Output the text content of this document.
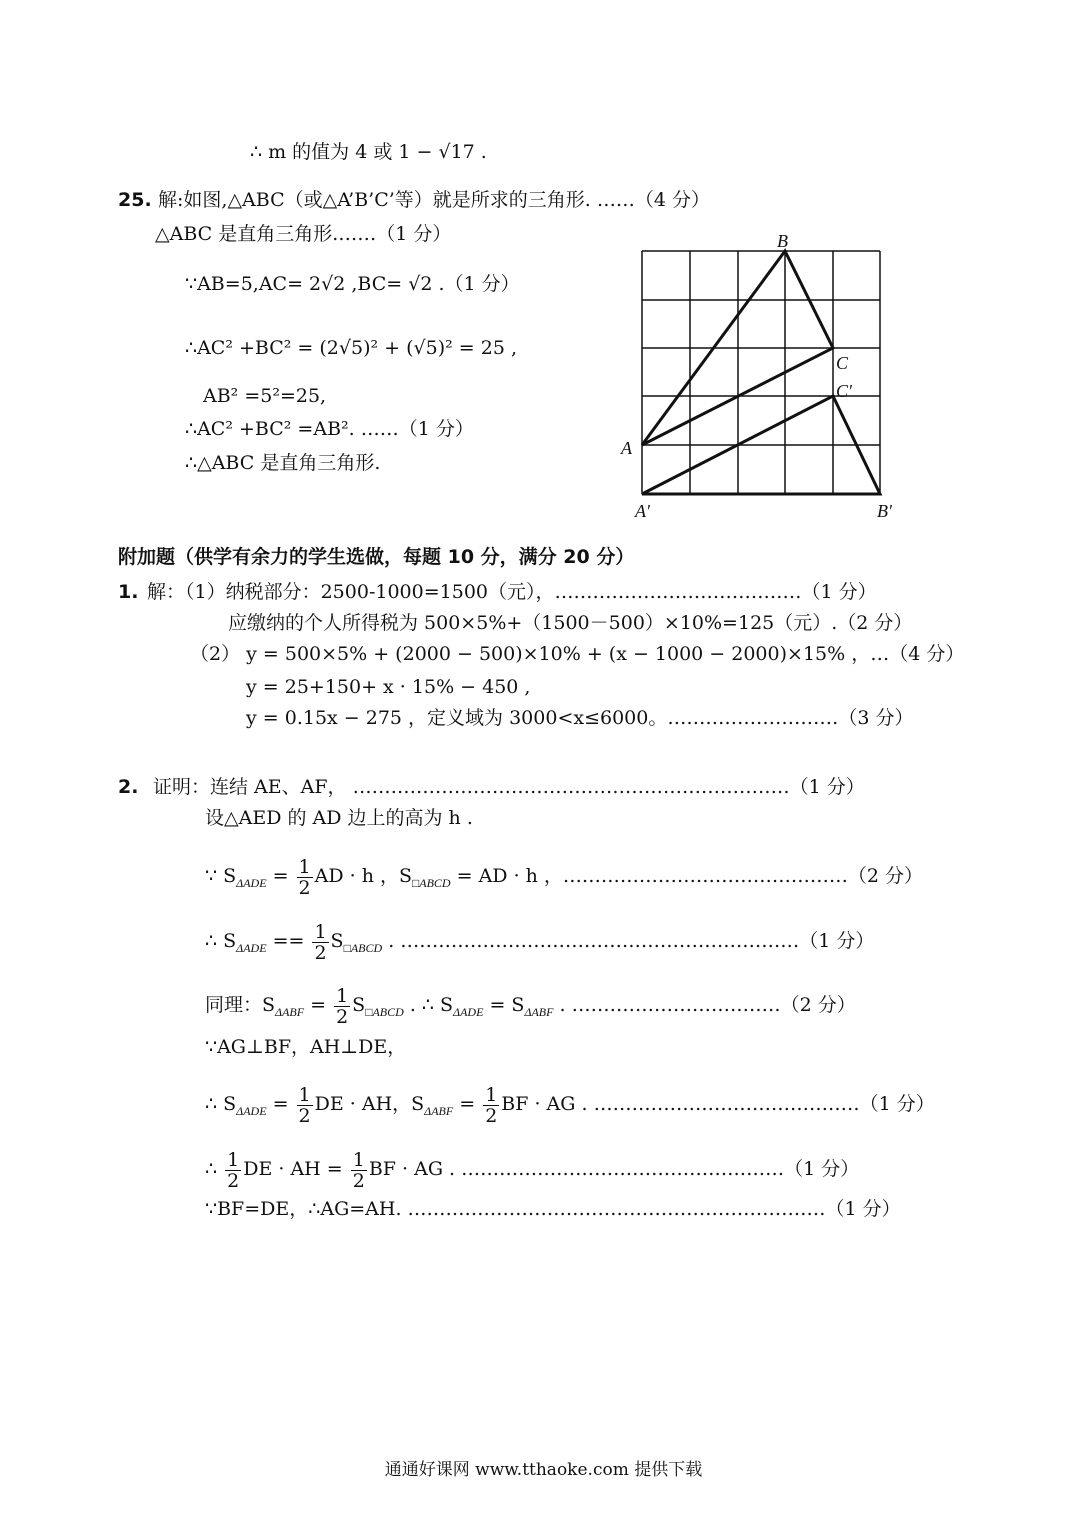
∴ m 的值为 4 或 1 − √17 .
25. 解:如图,△ABC（或△A’B’C’等）就是所求的三角形. ……（4 分）
△ABC 是直角三角形.……（1 分）
∵AB=5,AC= 2√2 ,BC= √2 .（1 分）
∴AC² +BC² = (2√5)² + (√5)² = 25 ,
AB² =5²=25,
∴AC² +BC² =AB². ……（1 分）
∴△ABC 是直角三角形.
B
C
C′
A
A′	B′
附加题（供学有余力的学生选做，每题 10 分，满分 20 分）
1. 解：（1）纳税部分：2500-1000=1500（元），…………………………………（1 分）
应缴纳的个人所得税为 500×5%+（1500－500）×10%=125（元）.（2 分）
（2） y = 500×5% + (2000 − 500)×10% + (x − 1000 − 2000)×15% ，…（4 分）
y = 25+150+ x · 15% − 450 ,
y = 0.15x − 275 ，定义域为 3000<x≤6000。………………………（3 分）
2. 证明：连结 AE、AF， ……………………………………………………………（1 分）
设△AED 的 AD 边上的高为 h .
∵ $S_{\Delta ADE} = \frac{1}{2}$ AD · h ，$S_{□ABCD}$ = AD · h ，………………………………………（2 分）
∴ $S_{\Delta ADE} == \frac{1}{2} S_{□ABCD}$ . ………………………………………………………（1 分）
同理：$S_{\Delta ABF} = \frac{1}{2} S_{□ABCD}$ . ∴ $S_{\Delta ADE} = S_{\Delta ABF}$ . ……………………………（2 分）
∵AG⊥BF，AH⊥DE，
∴ $S_{\Delta ADE} = \frac{1}{2}$ DE · AH，$S_{\Delta ABF} = \frac{1}{2}$ BF · AG . ……………………………………（1 分）
∴ $\frac{1}{2}$ DE · AH = $\frac{1}{2}$ BF · AG . ……………………………………………（1 分）
∵BF=DE，∴AG=AH. …………………………………………………………（1 分）
通通好课网 www.tthaoke.com 提供下载
